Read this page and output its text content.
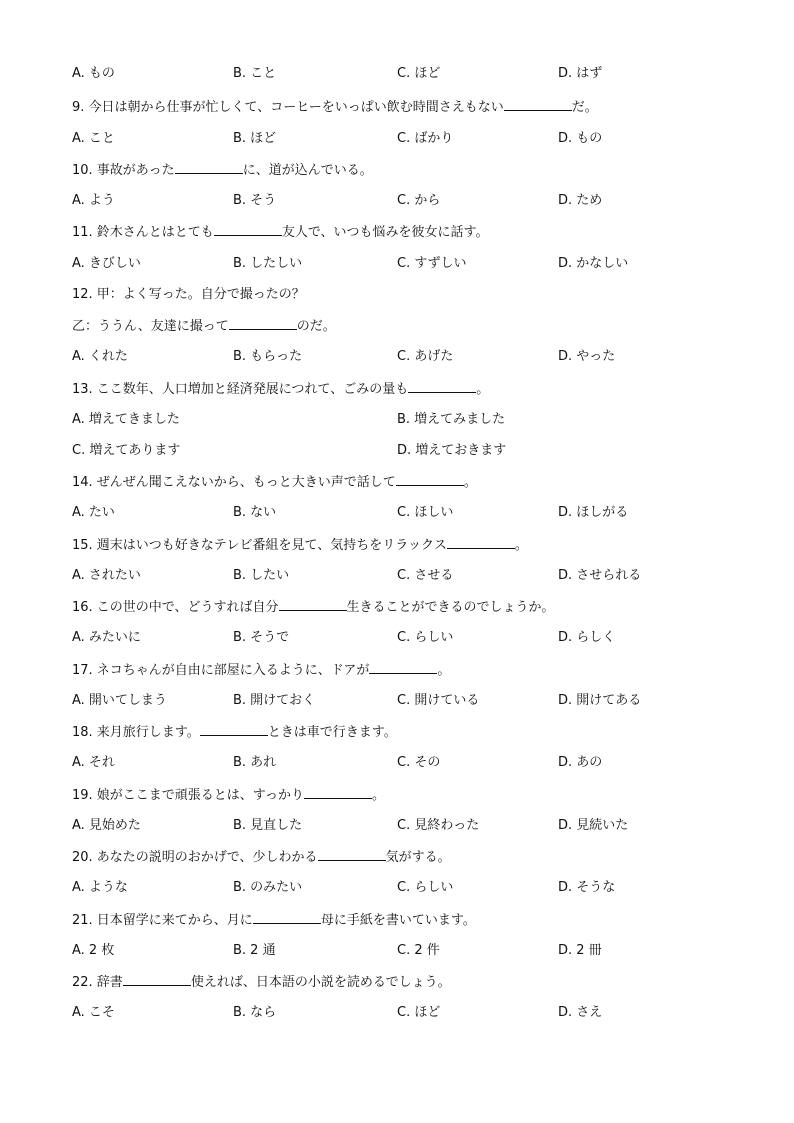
A. もの	B. こと	C. ほど	D. はず
9. 今日は朝から仕事が忙しくて、コーヒーをいっぱい飲む時間さえもない	だ。
A. こと	B. ほど	C. ばかり	D. もの
10. 事故があった	に、道が込んでいる。
A. よう	B. そう	C. から	D. ため
11. 鈴木さんとはとても	友人で、いつも悩みを彼女に話す。
A. きびしい	B. したしい	C. すずしい	D. かなしい
12. 甲：よく写った。自分で撮ったの？
乙：ううん、友達に撮って	のだ。
A. くれた	B. もらった	C. あげた	D. やった
13. ここ数年、人口増加と経済発展につれて、ごみの量も	。
A. 増えてきました	B. 増えてみました
C. 増えてあります	D. 増えておきます
14. ぜんぜん聞こえないから、もっと大きい声で話して	。
A. たい	B. ない	C. ほしい	D. ほしがる
15. 週末はいつも好きなテレビ番組を見て、気持ちをリラックス	。
A. されたい	B. したい	C. させる	D. させられる
16. この世の中で、どうすれば自分	生きることができるのでしょうか。
A. みたいに	B. そうで	C. らしい	D. らしく
17. ネコちゃんが自由に部屋に入るように、ドアが	。
A. 開いてしまう	B. 開けておく	C. 開けている	D. 開けてある
18. 来月旅行します。	ときは車で行きます。
A. それ	B. あれ	C. その	D. あの
19. 娘がここまで頑張るとは、すっかり	。
A. 見始めた	B. 見直した	C. 見終わった	D. 見続いた
20. あなたの説明のおかげで、少しわかる	気がする。
A. ような	B. のみたい	C. らしい	D. そうな
21. 日本留学に来てから、月に	母に手紙を書いています。
A. 2 枚	B. 2 通	C. 2 件	D. 2 冊
22. 辞書	使えれば、日本語の小説を読めるでしょう。
A. こそ	B. なら	C. ほど	D. さえ
